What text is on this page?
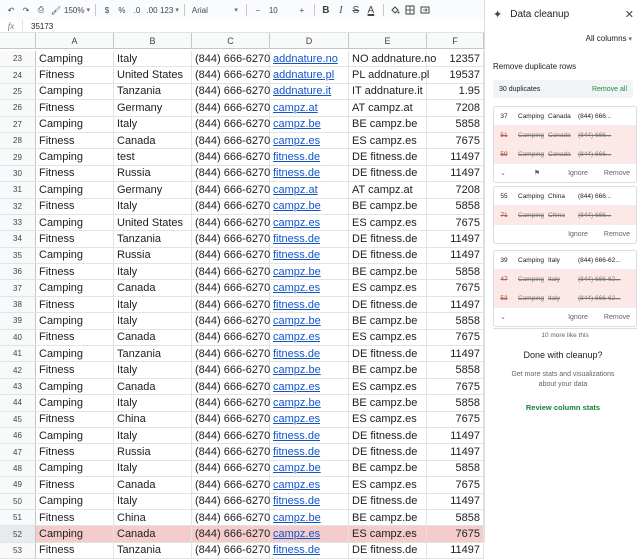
↶	↷	⎙ 🖌 150% ▾	$	%	.0 .00 123 ▾	Arial ▾	−	10	+	B I S A
fx	35173
A	B	C	D	E	F
23	Camping	Italy	(844) 666-6270 addnature.no	NO addnature.no	12357
24	Fitness	United States	(844) 666-6270 addnature.pl	PL addnature.pl	19537
25	Camping	Tanzania	(844) 666-6270 addnature.it	IT addnature.it	1.95
26	Fitness	Germany	(844) 666-6270 campz.at	AT campz.at	7208
27	Camping	Italy	(844) 666-6270 campz.be	BE campz.be	5858
28	Fitness	Canada	(844) 666-6270 campz.es	ES campz.es	7675
29	Camping	test	(844) 666-6270 fitness.de	DE fitness.de	11497
30	Fitness	Russia	(844) 666-6270 fitness.de	DE fitness.de	11497
31	Camping	Germany	(844) 666-6270 campz.at	AT campz.at	7208
32	Fitness	Italy	(844) 666-6270 campz.be	BE campz.be	5858
33	Camping	United States	(844) 666-6270 campz.es	ES campz.es	7675
34	Fitness	Tanzania	(844) 666-6270 fitness.de	DE fitness.de	11497
35	Camping	Russia	(844) 666-6270 fitness.de	DE fitness.de	11497
36	Fitness	Italy	(844) 666-6270 campz.be	BE campz.be	5858
37	Camping	Canada	(844) 666-6270 campz.es	ES campz.es	7675
38	Fitness	Italy	(844) 666-6270 fitness.de	DE fitness.de	11497
39	Camping	Italy	(844) 666-6270 campz.be	BE campz.be	5858
40	Fitness	Canada	(844) 666-6270 campz.es	ES campz.es	7675
41	Camping	Tanzania	(844) 666-6270 fitness.de	DE fitness.de	11497
42	Fitness	Italy	(844) 666-6270 campz.be	BE campz.be	5858
43	Camping	Canada	(844) 666-6270 campz.es	ES campz.es	7675
44	Camping	Italy	(844) 666-6270 campz.be	BE campz.be	5858
45	Fitness	China	(844) 666-6270 campz.es	ES campz.es	7675
46	Camping	Italy	(844) 666-6270 fitness.de	DE fitness.de	11497
47	Fitness	Russia	(844) 666-6270 fitness.de	DE fitness.de	11497
48	Camping	Italy	(844) 666-6270 campz.be	BE campz.be	5858
49	Fitness	Canada	(844) 666-6270 campz.es	ES campz.es	7675
50	Camping	Italy	(844) 666-6270 fitness.de	DE fitness.de	11497
51	Fitness	China	(844) 666-6270 campz.be	BE campz.be	5858
52	Camping	Canada	(844) 666-6270 campz.es	ES campz.es	7675
53	Fitness	Tanzania	(844) 666-6270 fitness.de	DE fitness.de	11497
✦ Data cleanup	✕
All columns ▾
Remove duplicate rows
30 duplicates	Remove all
37	Camping Canada	(844) 666...
51	Camping Canada	(844) 666...
59	Camping Canada	(844) 666...
⌄	⚑	Ignore Remove
55	Camping China	(844) 666...
71	Camping China	(844) 666...
Ignore Remove
39	Camping Italy	(844) 666-62...
47	Camping Italy	(844) 666-62...
53	Camping Italy	(844) 666-62...
⌄	Ignore Remove
10 more like this
Done with cleanup?
Get more stats and visualizations about your data
Review column stats
